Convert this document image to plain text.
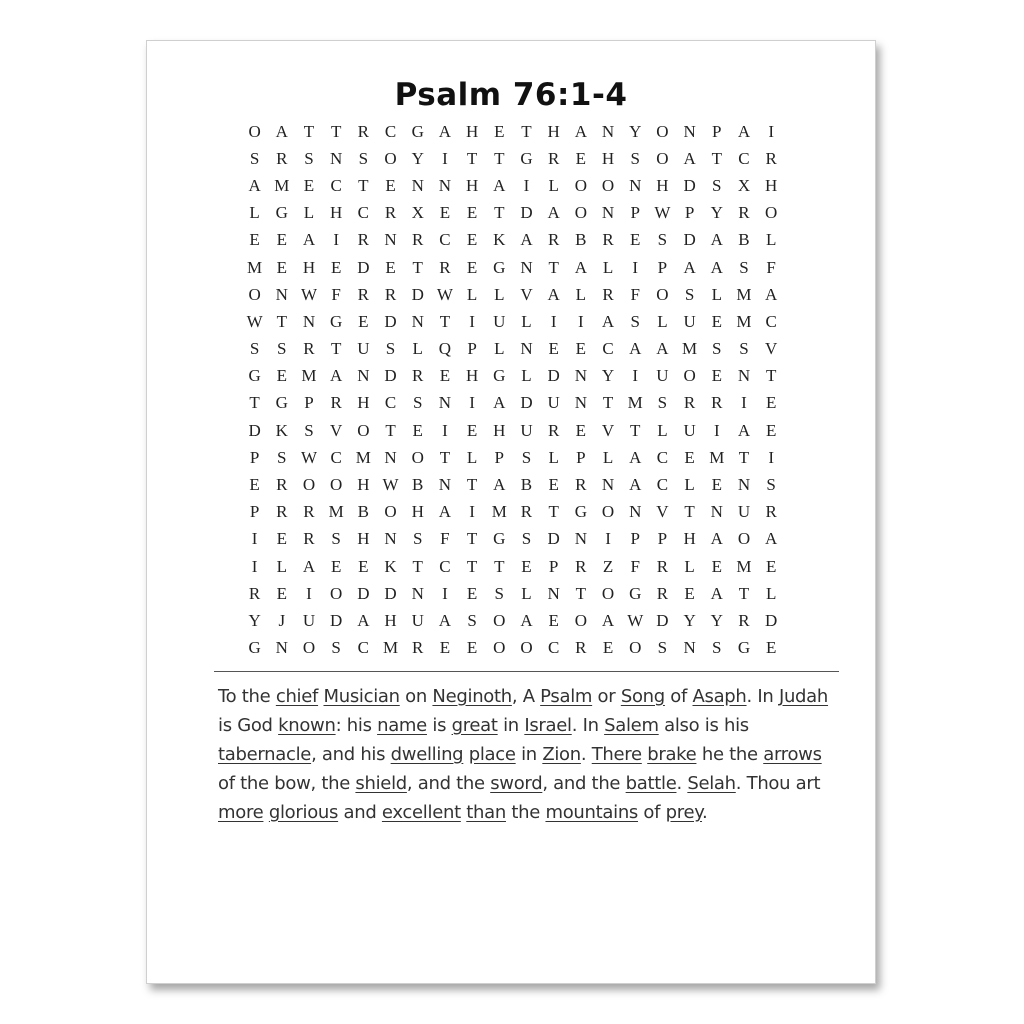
Psalm 76:1-4
O A T T R C G A H E T H A N Y O N P A	I
S R S N S O Y	I	T T G R E H S O A T C R
A M E C T E N N H A	I	L O O N H D S X H
L G L H C R X E E T D A O N P W P Y R O
E E A	I	R N R C E K A R B R E	S D A B L
M E H E D E T R E G N T A L	I	P A A S	F
O N W F R R D W L L V A L R F O S	L M A
W T N G E D N T	I	U L	I	I	A S	L U E M C
S	S R T U S	L Q P	L N E E C A A M S	S V
G E M A N D R E H G L D N Y	I	U O E N T
T G P R H C S N	I	A D U N T M S R R	I	E
D K S V O T E	I	E H U R E V T L U	I	A E
P	S W C M N O T L	P	S	L	P	L A C E M T	I
E R O O H W B N T A B E R N A C L E N S
P R R M B O H A	I M R T G O N V T N U R
I	E R S H N S	F	T G S D N	I	P	P H A O A
I	L A E E K T C T T E	P R Z	F R L E M E
R E	I	O D D N	I	E	S	L N T O G R E A T L
Y	J	U D A H U A S O A E O A W D Y Y R D
G N O S C M R E E O O C R E O S N S G E
To the chief Musician on Neginoth, A Psalm or Song of Asaph. In Judah is God known: his name is great in Israel. In Salem also is his tabernacle, and his dwelling place in Zion. There brake he the arrows of the bow, the shield, and the sword, and the battle. Selah. Thou art more glorious and excellent than the mountains of prey.
